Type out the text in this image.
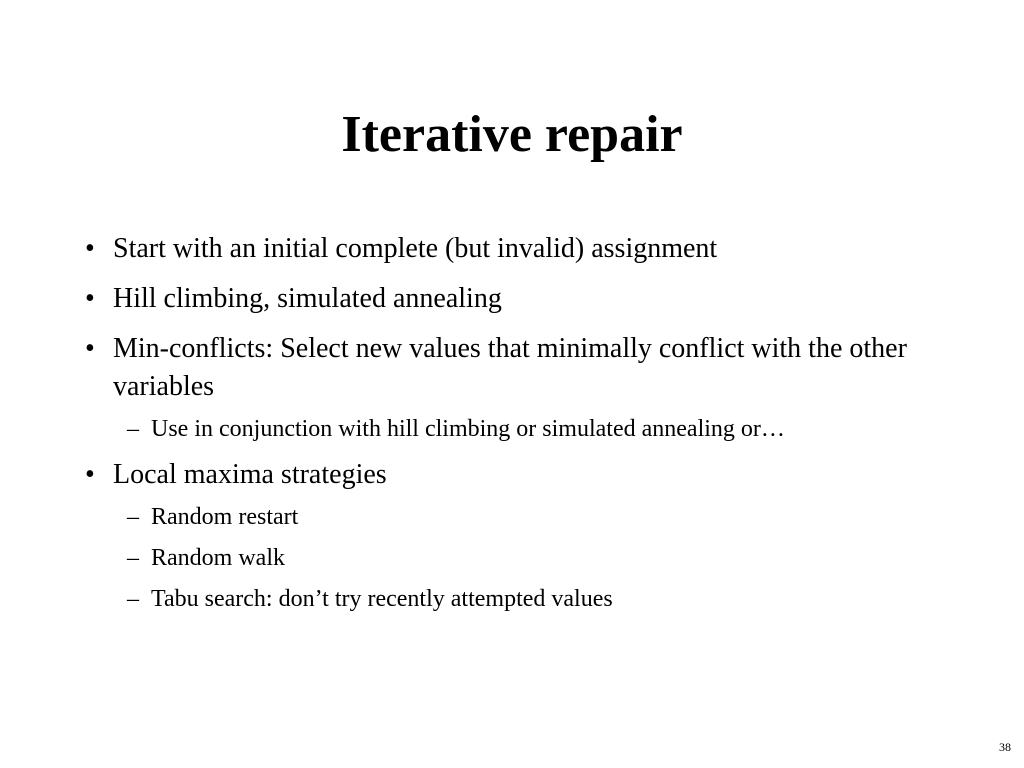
Iterative repair
• Start with an initial complete (but invalid) assignment
• Hill climbing, simulated annealing
• Min-conflicts: Select new values that minimally conflict with the other variables
– Use in conjunction with hill climbing or simulated annealing or…
• Local maxima strategies
– Random restart
– Random walk
– Tabu search: don’t try recently attempted values
38
